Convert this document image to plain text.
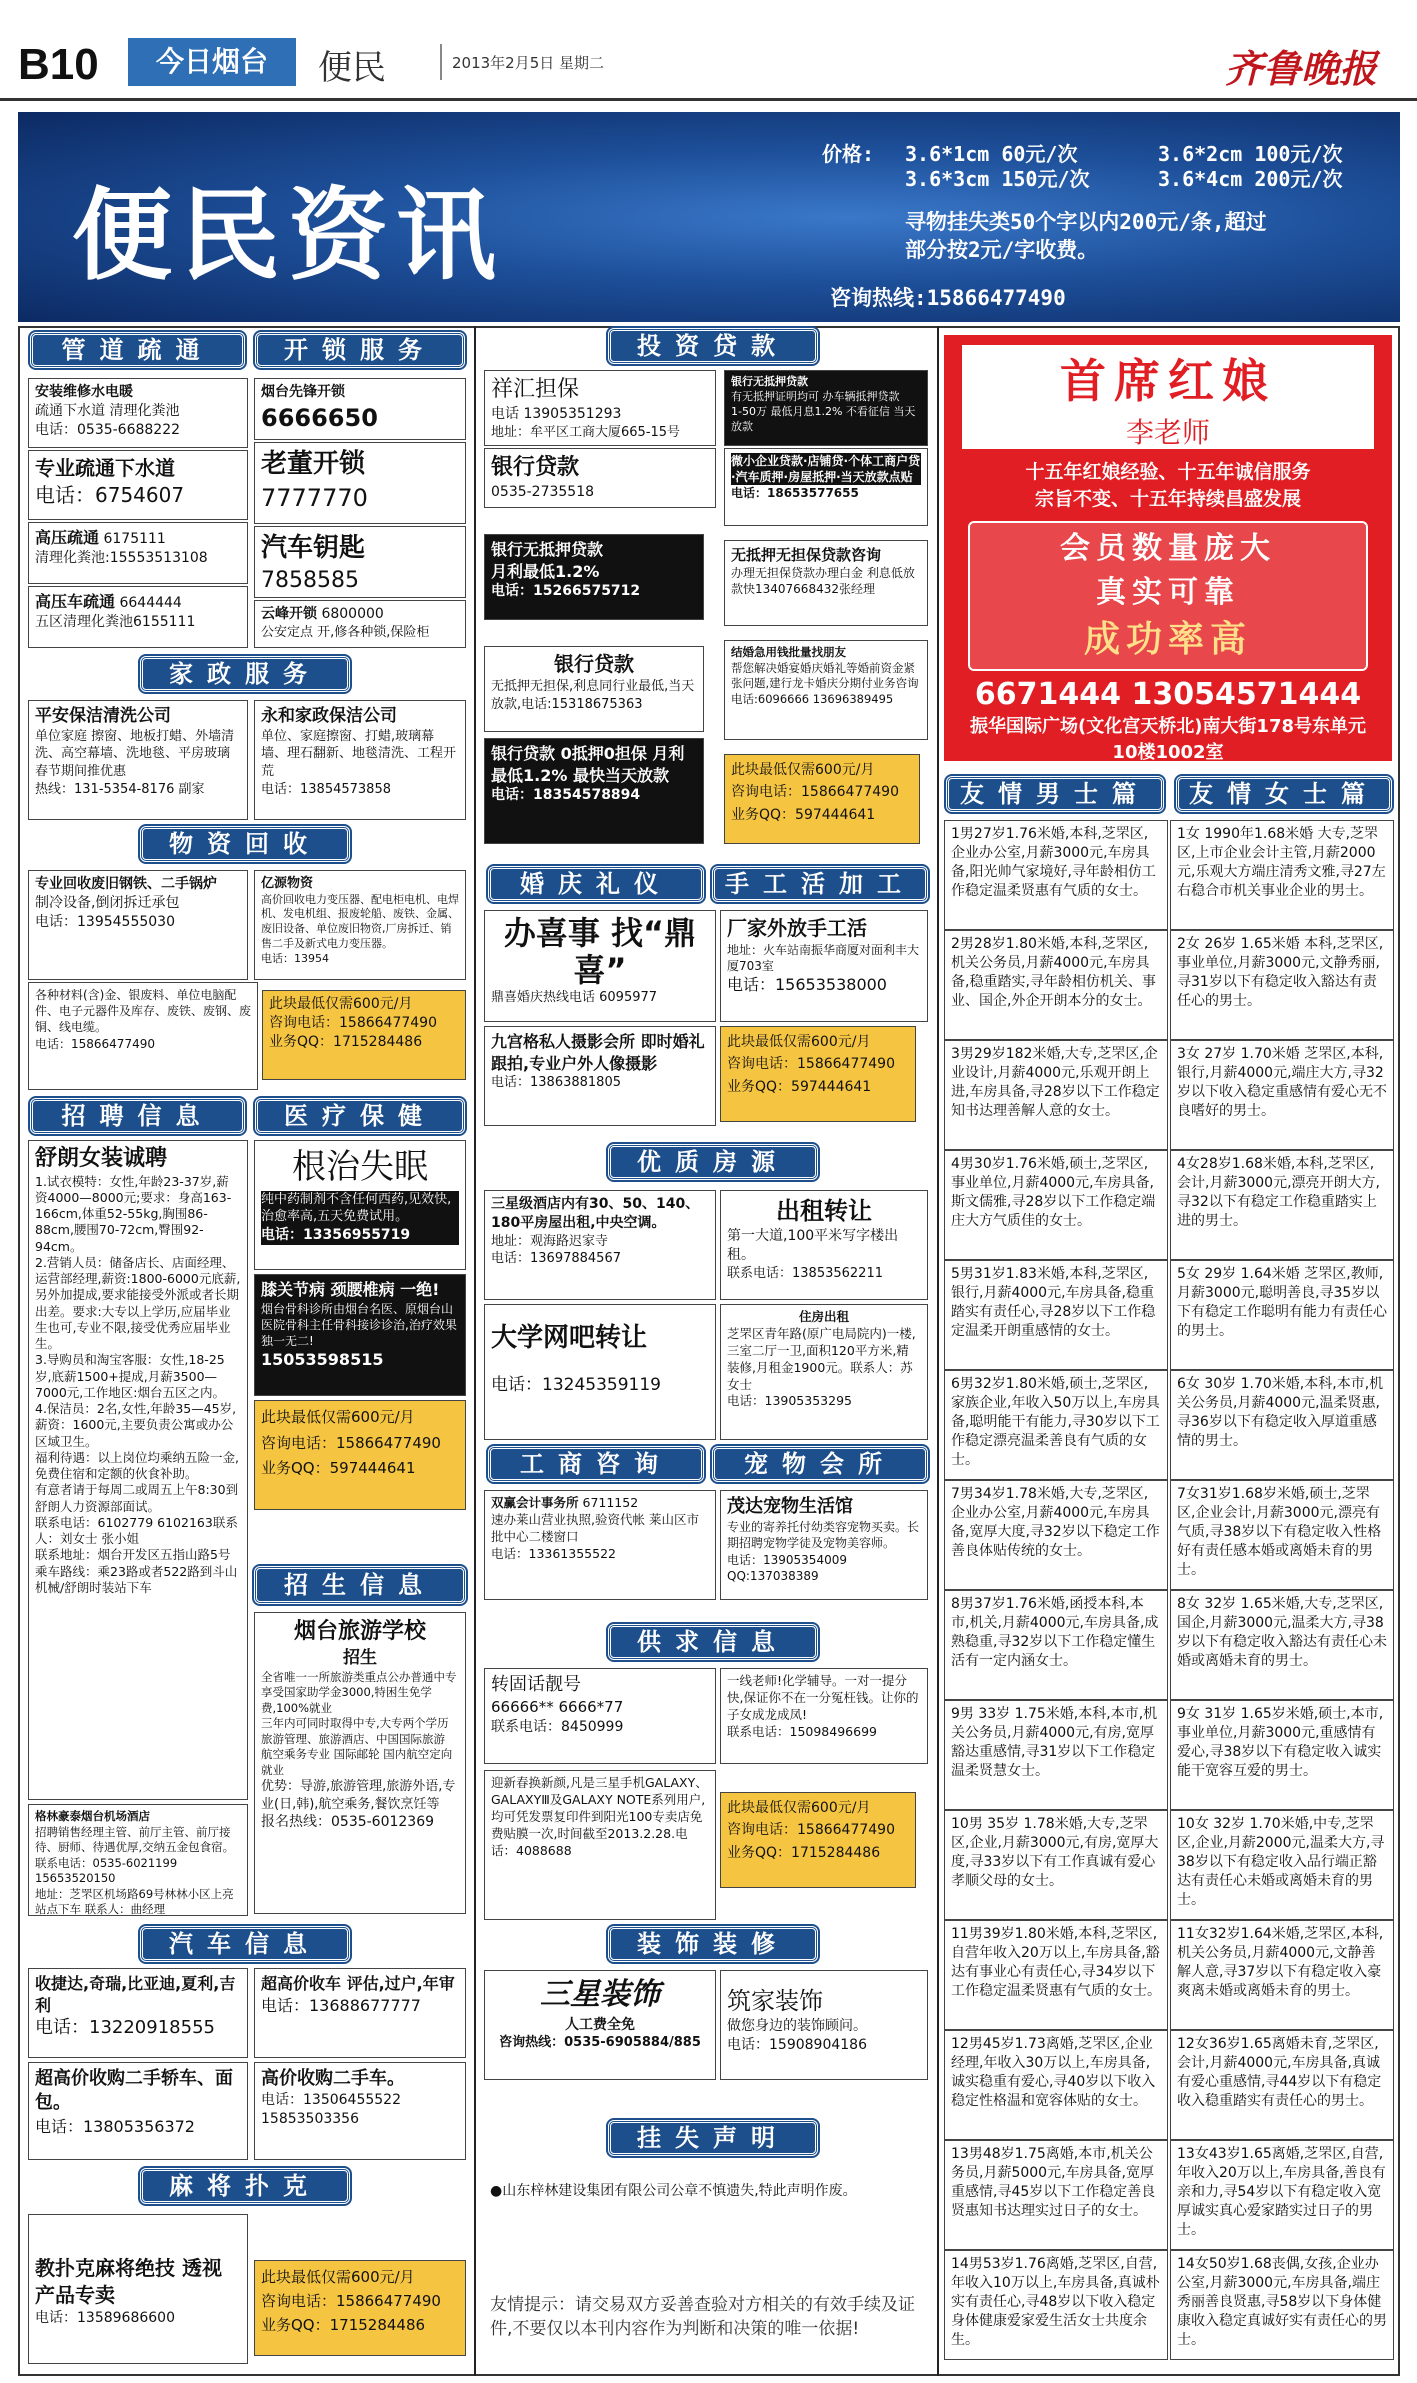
B10	今日烟台	便民	2013年2月5日 星期二	齐鲁晚报
便民资讯
价格: 3.6*1cm 60元/次	3.6*2cm 100元/次
3.6*3cm 150元/次	3.6*4cm 200元/次
寻物挂失类50个字以内200元/条,超过
部分按2元/字收费。
咨询热线:15866477490
管道疏通	开锁服务
安装维修水电暖
疏通下水道 清理化粪池
电话：0535-6688222
专业疏通下水道
电话：6754607
高压疏通 6175111
清理化粪池:15553513108
高压车疏通 6644444
五区清理化粪池6155111
烟台先锋开锁
6666650
老董开锁
7777770
汽车钥匙
7858585
云峰开锁 6800000
公安定点 开,修各种锁,保险柜
家政服务
平安保洁清洗公司
单位家庭 擦窗、地板打蜡、外墙清洗、高空幕墙、洗地毯、平房玻璃 春节期间推优惠
热线：131-5354-8176 副家
永和家政保洁公司
单位、家庭擦窗、打蜡,玻璃幕墙、理石翻新、地毯清洗、工程开荒
电话：13854573858
物资回收
专业回收废旧钢铁、二手锅炉
制冷设备,倒闭拆迁承包
电话：13954555030
亿源物资
高价回收电力变压器、配电柜电机、电焊机、发电机组、报废轮船、废铁、金属、废旧设备、单位废旧物资,厂房拆迁、销售二手及新式电力变压器。
电话：13954
各种材料(含)金、银废料、单位电脑配件、电子元器件及库存、废铁、废钢、废铜、线电缆。
电话：15866477490
此块最低仅需600元/月
咨询电话：15866477490
业务QQ：1715284486
招聘信息	医疗保健
舒朗女装诚聘
1.试衣模特：女性,年龄23-37岁,薪资4000—8000元;要求：身高163-166cm,体重52-55kg,胸围86-88cm,腰围70-72cm,臀围92-94cm。
2.营销人员：储备店长、店面经理、运营部经理,薪资:1800-6000元底薪,另外加提成,要求能接受外派或者长期出差。要求:大专以上学历,应届毕业生也可,专业不限,接受优秀应届毕业生。
3.导购员和淘宝客服：女性,18-25岁,底薪1500+提成,月薪3500—7000元,工作地区:烟台五区之内。
4.保洁员：2名,女性,年龄35—45岁,薪资：1600元,主要负责公寓或办公区域卫生。
福利待遇：以上岗位均乘纳五险一金,免费住宿和定额的伙食补助。
有意者请于每周二或周五上午8:30到舒朗人力资源部面试。
联系电话：6102779 6102163联系人：刘女士 张小姐
联系地址：烟台开发区五指山路5号
乘车路线：乘23路或者522路到斗山机械/舒朗时装站下车
根治失眠
纯中药制剂不含任何西药,见效快,治愈率高,五天免费试用。
电话：13356955719
膝关节病 颈腰椎病 一绝!
烟台骨科诊所由烟台名医、原烟台山医院骨科主任骨科接诊诊治,治疗效果独一无二!
15053598515
此块最低仅需600元/月
咨询电话：15866477490
业务QQ：597444641
招生信息
烟台旅游学校
招生
全省唯一一所旅游类重点公办普通中专
享受国家助学金3000,特困生免学费,100%就业
三年内可同时取得中专,大专两个学历
旅游管理、旅游酒店、中国国际旅游
航空乘务专业 国际邮轮 国内航空定向就业
优势：导游,旅游管理,旅游外语,专业(日,韩),航空乘务,餐饮烹饪等
报名热线：0535-6012369
格林豪泰烟台机场酒店
招聘销售经理主管、前厅主管、前厅接待、厨师、待遇优厚,交纳五金包食宿。
联系电话：0535-6021199 15653520150
地址：芝罘区机场路69号林林小区上亮站点下车 联系人：曲经理
汽车信息
收捷达,奇瑞,比亚迪,夏利,吉利
电话：13220918555
超高价收车 评估,过户,年审
电话：13688677777
超高价收购二手轿车、面包。
电话：13805356372
高价收购二手车。
电话：13506455522 15853503356
麻将扑克
教扑克麻将绝技 透视产品专卖
电话：13589686600
此块最低仅需600元/月
咨询电话：15866477490
业务QQ：1715284486
投资贷款
祥汇担保
电话 13905351293
地址：牟平区工商大厦665-15号
银行贷款
0535-2735518
银行无抵押贷款
月利最低1.2%
电话：15266575712
银行贷款
无抵押无担保,利息同行业最低,当天放款,电话:15318675363
银行贷款 0抵押0担保 月利最低1.2% 最快当天放款
电话：18354578894
银行无抵押贷款
有无抵押证明均可 办车辆抵押贷款
1-50万 最低月息1.2% 不看征信 当天放款
微小企业贷款·店铺贷·个体工商户贷·汽车质押·房屋抵押·当天放款点贴
电话：18653577655
无抵押无担保贷款咨询
办理无担保贷款办理白金 利息低放款快13407668432张经理
结婚急用钱批量找朋友
帮您解决婚宴婚庆婚礼等婚前资金紧张问题,建行龙卡婚庆分期付业务咨询电话:6096666 13696389495
此块最低仅需600元/月
咨询电话：15866477490
业务QQ：597444641
婚庆礼仪	手工活加工
办喜事 找“鼎喜”
鼎喜婚庆热线电话 6095977
九宫格私人摄影会所 即时婚礼跟拍,专业户外人像摄影
电话：13863881805
厂家外放手工活
地址：火车站南振华商厦对面利丰大厦703室
电话：15653538000
此块最低仅需600元/月
咨询电话：15866477490
业务QQ：597444641
优质房源
三星级酒店内有30、50、140、180平房屋出租,中央空调。
地址：观海路迟家寺
电话：13697884567
出租转让
第一大道,100平米写字楼出租。
联系电话：13853562211
大学网吧转让
电话：13245359119
住房出租
芝罘区青年路(原广电局院内)一楼,三室二厅一卫,面积120平方米,精装修,月租金1900元。联系人：苏女士
电话：13905353295
工商咨询	宠物会所
双赢会计事务所 6711152
速办莱山营业执照,验资代帐 莱山区市批中心二楼窗口
电话：13361355522
茂达宠物生活馆
专业的寄养托付幼类容宠物买卖。长期招聘宠物学徒及宠物美容师。
电话：13905354009 QQ:137038389
供求信息
转固话靓号
66666** 6666*77
联系电话：8450999
一线老师!化学辅导。一对一提分快,保证你不在一分冤枉钱。让你的子女成龙成凤!
联系电话：15098496699
迎新春换新颜,凡是三星手机GALAXY、GALAXYⅢ及GALAXY NOTE系列用户,均可凭发票复印件到阳光100专卖店免费贴膜一次,时间截至2013.2.28.电话：4088688
此块最低仅需600元/月
咨询电话：15866477490
业务QQ：1715284486
装饰装修
三星装饰
人工费全免
咨询热线：0535-6905884/885
筑家装饰
做您身边的装饰顾问。
电话：15908904186
挂失声明
●山东梓林建设集团有限公司公章不慎遗失,特此声明作废。
友情提示：请交易双方妥善查验对方相关的有效手续及证件,不要仅以本刊内容作为判断和决策的唯一依据!
首席红娘
李老师
十五年红娘经验、十五年诚信服务
宗旨不变、十五年持续昌盛发展
会员数量庞大
真实可靠
成功率高
6671444 13054571444
振华国际广场(文化宫天桥北)南大街178号东单元10楼1002室
友情男士篇	友情女士篇
1男27岁1.76米婚,本科,芝罘区,企业办公室,月薪3000元,车房具备,阳光帅气家境好,寻年龄相仿工作稳定温柔贤惠有气质的女士。
2男28岁1.80米婚,本科,芝罘区,机关公务员,月薪4000元,车房具备,稳重踏实,寻年龄相仿机关、事业、国企,外企开朗本分的女士。
3男29岁182米婚,大专,芝罘区,企业设计,月薪4000元,乐观开朗上进,车房具备,寻28岁以下工作稳定知书达理善解人意的女士。
4男30岁1.76米婚,硕士,芝罘区,事业单位,月薪4000元,车房具备,斯文儒雅,寻28岁以下工作稳定端庄大方气质佳的女士。
5男31岁1.83米婚,本科,芝罘区,银行,月薪4000元,车房具备,稳重踏实有责任心,寻28岁以下工作稳定温柔开朗重感情的女士。
6男32岁1.80米婚,硕士,芝罘区,家族企业,年收入50万以上,车房具备,聪明能干有能力,寻30岁以下工作稳定漂亮温柔善良有气质的女士。
7男34岁1.78米婚,大专,芝罘区,企业办公室,月薪4000元,车房具备,宽厚大度,寻32岁以下稳定工作善良体贴传统的女士。
8男37岁1.76米婚,函授本科,本市,机关,月薪4000元,车房具备,成熟稳重,寻32岁以下工作稳定懂生活有一定内涵女士。
9男 33岁 1.75米婚,本科,本市,机关公务员,月薪4000元,有房,宽厚豁达重感情,寻31岁以下工作稳定温柔贤慧女士。
10男 35岁 1.78米婚,大专,芝罘区,企业,月薪3000元,有房,宽厚大度,寻33岁以下有工作真诚有爱心孝顺父母的女士。
11男39岁1.80米婚,本科,芝罘区,自营年收入20万以上,车房具备,豁达有事业心有责任心,寻34岁以下工作稳定温柔贤惠有气质的女士。
12男45岁1.73离婚,芝罘区,企业经理,年收入30万以上,车房具备,诚实稳重有爱心,寻40岁以下收入稳定性格温和宽容体贴的女士。
13男48岁1.75离婚,本市,机关公务员,月薪5000元,车房具备,宽厚重感情,寻45岁以下工作稳定善良贤惠知书达理实过日子的女士。
14男53岁1.76离婚,芝罘区,自营,年收入10万以上,车房具备,真诚朴实有责任心,寻48岁以下收入稳定身体健康爱家爱生活女士共度余生。
1女 1990年1.68米婚 大专,芝罘区,上市企业会计主管,月薪2000元,乐观大方端庄清秀文雅,寻27左右稳合市机关事业企业的男士。
2女 26岁 1.65米婚 本科,芝罘区,事业单位,月薪3000元,文静秀丽,寻31岁以下有稳定收入豁达有责任心的男士。
3女 27岁 1.70米婚 芝罘区,本科,银行,月薪4000元,端庄大方,寻32岁以下收入稳定重感情有爱心无不良嗜好的男士。
4女28岁1.68米婚,本科,芝罘区,会计,月薪3000元,漂亮开朗大方,寻32以下有稳定工作稳重踏实上进的男士。
5女 29岁 1.64米婚 芝罘区,教师,月薪3000元,聪明善良,寻35岁以下有稳定工作聪明有能力有责任心的男士。
6女 30岁 1.70米婚,本科,本市,机关公务员,月薪4000元,温柔贤惠,寻36岁以下有稳定收入厚道重感情的男士。
7女31岁1.68岁米婚,硕士,芝罘区,企业会计,月薪3000元,漂亮有气质,寻38岁以下有稳定收入性格好有责任感本婚或离婚未育的男士。
8女 32岁 1.65米婚,大专,芝罘区,国企,月薪3000元,温柔大方,寻38岁以下有稳定收入豁达有责任心未婚或离婚未育的男士。
9女 31岁 1.65岁米婚,硕士,本市,事业单位,月薪3000元,重感情有爱心,寻38岁以下有稳定收入诚实能干宽容互爱的男士。
10女 32岁 1.70米婚,中专,芝罘区,企业,月薪2000元,温柔大方,寻38岁以下有稳定收入品行端正豁达有责任心未婚或离婚未育的男士。
11女32岁1.64米婚,芝罘区,本科,机关公务员,月薪4000元,文静善解人意,寻37岁以下有稳定收入豪爽离未婚或离婚未育的男士。
12女36岁1.65离婚未育,芝罘区,会计,月薪4000元,车房具备,真诚有爱心重感情,寻44岁以下有稳定收入稳重踏实有责任心的男士。
13女43岁1.65离婚,芝罘区,自营,年收入20万以上,车房具备,善良有亲和力,寻54岁以下有稳定收入宽厚诚实真心爱家踏实过日子的男士。
14女50岁1.68丧偶,女孩,企业办公室,月薪3000元,车房具备,端庄秀丽善良贤惠,寻58岁以下身体健康收入稳定真诚好实有责任心的男士。
